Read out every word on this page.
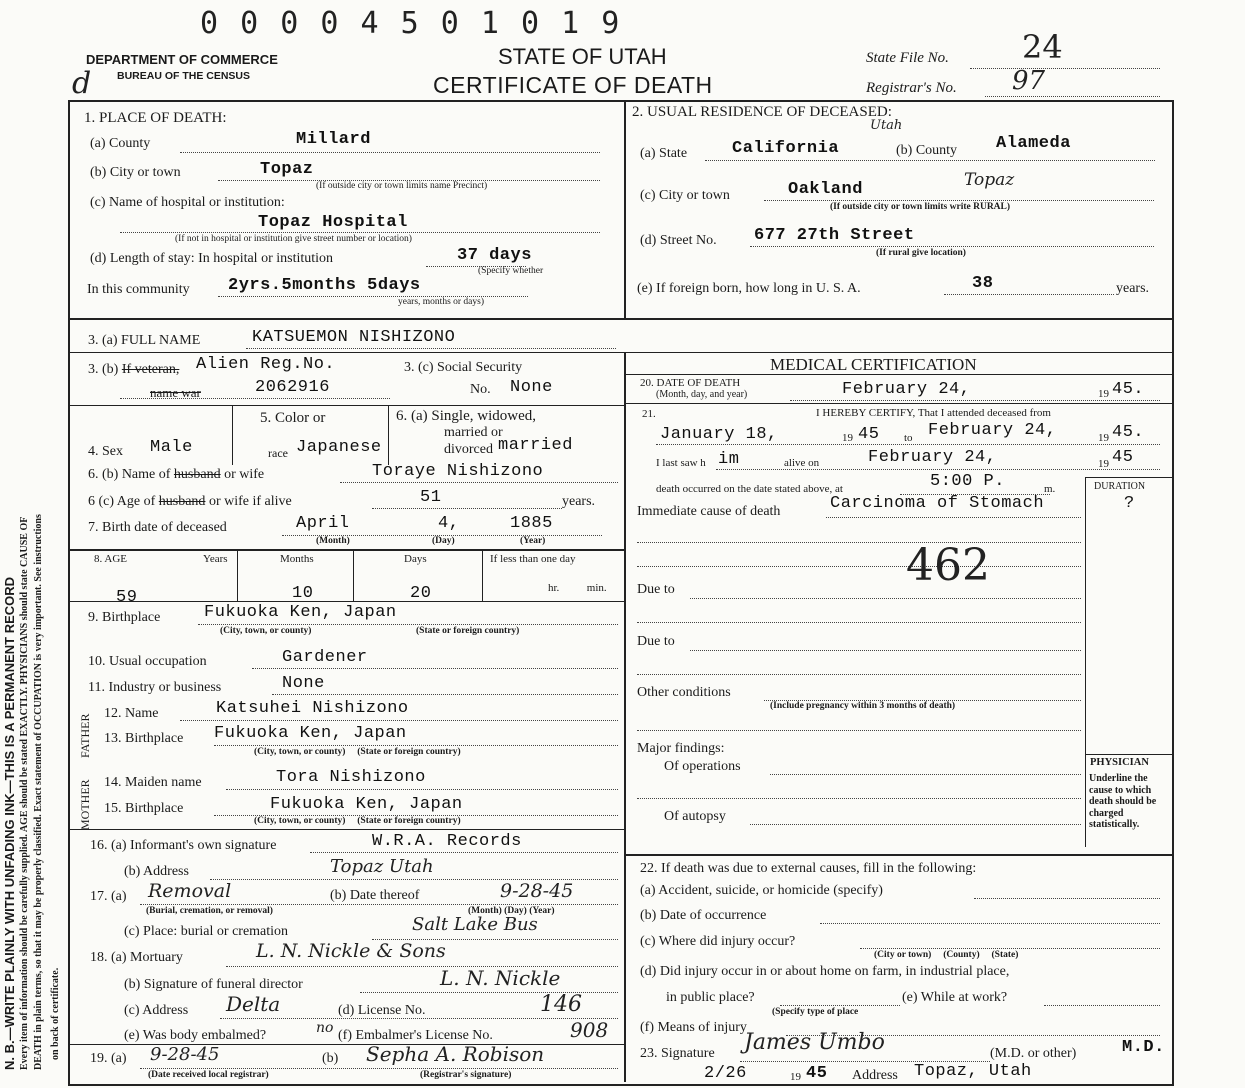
0 0 0 0 4 5 0 1 0 1 9
DEPARTMENT OF COMMERCE
BUREAU OF THE CENSUS
STATE OF UTAH
CERTIFICATE OF DEATH
d
State File No. 24
Registrar's No. 97
N. B.—WRITE PLAINLY WITH UNFADING INK—THIS IS A PERMANENT RECORD Every item of information should be carefully supplied. AGE should be stated EXACTLY. PHYSICIANS should state CAUSE OF DEATH in plain terms, so that it may be properly classified. Exact statement of OCCUPATION is very important. See instructions on back of certificate.
1. PLACE OF DEATH:
(a) County	Millard
(b) City or town	Topaz
(If outside city or town limits name Precinct)
(c) Name of hospital or institution:
Topaz Hospital
(If not in hospital or institution give street number or location)
(d) Length of stay: In hospital or institution	37 days
(Specify whether
In this community 2yrs.5months 5days
years, months or days)
2. USUAL RESIDENCE OF DECEASED:
(a) State	California
Utah
(b) County Alameda
(c) City or town	Oakland	Topaz
(If outside city or town limits write RURAL)
(d) Street No. 677 27th Street
(If rural give location)
(e) If foreign born, how long in U. S. A.	38	years.
3. (a) FULL NAME	KATSUEMON NISHIZONO
3. (b) If veteran, Alien Reg.No.
name war	2062916
3. (c) Social Security
No. None
4. Sex Male
5. Color or
race Japanese
6. (a) Single, widowed,
married or
divorced married
6. (b) Name of husband or wife	Toraye Nishizono
6 (c) Age of husband or wife if alive	51	years.
7. Birth date of deceased	April	4,	1885
(Month)	(Day)	(Year)
8. AGE	Years	Months	Days	If less than one day
hr.          min.
59	10	20
9. Birthplace	Fukuoka Ken, Japan
(City, town, or county)	(State or foreign country)
10. Usual occupation	Gardener
11. Industry or business	None
FATHER
MOTHER
12. Name	Katsuhei Nishizono
13. Birthplace Fukuoka Ken, Japan
(City, town, or county)     (State or foreign country)
14. Maiden name	Tora Nishizono
15. Birthplace	Fukuoka Ken, Japan
(City, town, or county)     (State or foreign country)
16. (a) Informant's own signature	W.R.A. Records
(b) Address	Topaz Utah
17. (a) Removal	(b) Date thereof	9-28-45
(Burial, cremation, or removal)	(Month) (Day) (Year)
(c) Place: burial or cremation	Salt Lake Bus
18. (a) Mortuary	L. N. Nickle & Sons
(b) Signature of funeral director	L. N. Nickle
(c) Address Delta	(d) License No.	146
(e) Was body embalmed?	no (f) Embalmer's License No.	908
19. (a) 9-28-45	(b) Sepha A. Robison
(Date received local registrar)	(Registrar's signature)
MEDICAL CERTIFICATION
20. DATE OF DEATH
(Month, day, and year)	February 24,	19 45.
21.	I HEREBY CERTIFY, That I attended deceased from
January 18,	19 45 to February 24,	19 45.
I last saw h im	alive on	February 24,	19 45
death occurred on the date stated above, at	5:00 P.	m.	DURATION
?
Immediate cause of death	Carcinoma of Stomach
462
Due to
Due to
Other conditions
(Include pregnancy within 3 months of death)
Major findings:
Of operations
Of autopsy
PHYSICIAN
Underline the cause to which death should be charged statistically.
22. If death was due to external causes, fill in the following:
(a) Accident, suicide, or homicide (specify)
(b) Date of occurrence
(c) Where did injury occur?
(City or town)     (County)     (State)
(d) Did injury occur in or about home on farm, in industrial place,
in public place?	(e) While at work?
(Specify type of place
(f) Means of injury
23. Signature James Umbo	(M.D. or other)	M.D.
2/26	19 45 Address Topaz, Utah
